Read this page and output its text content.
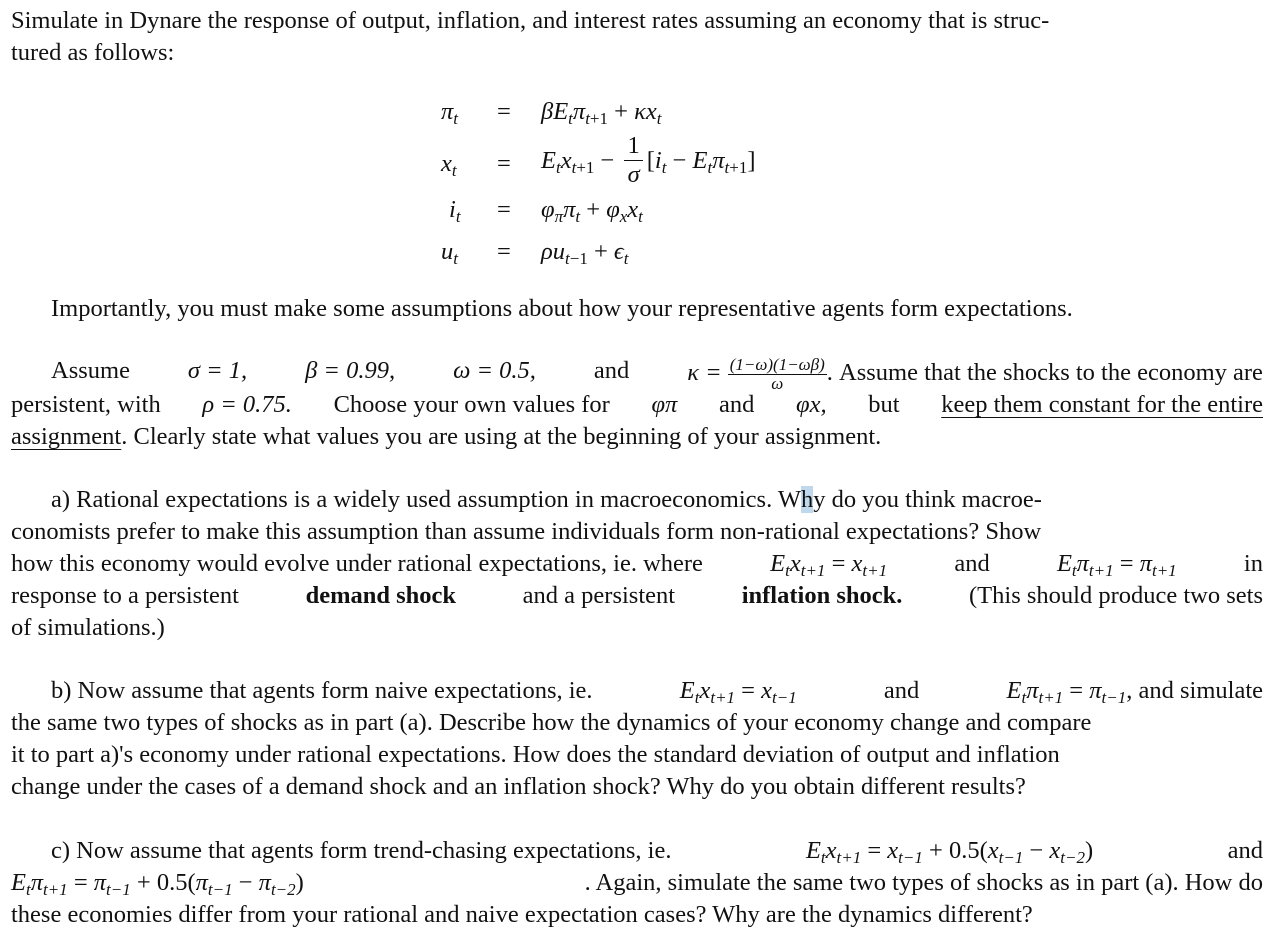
Simulate in Dynare the response of output, inflation, and interest rates assuming an economy that is struc-
tured as follows:
$\pi_t = \beta E_t\pi_{t+1} + \kappa x_t$
$x_t = E_tx_{t+1} - \frac{1}{\sigma} [i_t - E_t\pi_{t+1}]$
$i_t = \varphi_\pi\pi_t + \varphi_xx_t$
$u_t = \rho u_{t-1} + \epsilon_t$
Importantly, you must make some assumptions about how your representative agents form expectations.
Assume σ = 1, β = 0.99, ω = 0.5, and $\kappa = \frac{(1-\omega)(1-\omega\beta)}{\omega}$ . Assume that the shocks to the economy are
persistent, with ρ = 0.75. Choose your own values for φπ and φx, but keep them constant for the entire
assignment. Clearly state what values you are using at the beginning of your assignment.
a) Rational expectations is a widely used assumption in macroeconomics. Why do you think macroe-
conomists prefer to make this assumption than assume individuals form non-rational expectations? Show
how this economy would evolve under rational expectations, ie. where	$E_tx_{t+1} = x_{t+1}$	and	$E_t\pi_{t+1} = \pi_{t+1}$	in
response to a persistent	demand shock	and a persistent	inflation shock.	(This should produce two sets
of simulations.)
b) Now assume that agents form naive expectations, ie.	$E_tx_{t+1} = x_{t-1}$	and	$E_t\pi_{t+1} = \pi_{t-1}$, and simulate
the same two types of shocks as in part (a). Describe how the dynamics of your economy change and compare
it to part a)'s economy under rational expectations. How does the standard deviation of output and inflation
change under the cases of a demand shock and an inflation shock? Why do you obtain different results?
c) Now assume that agents form trend-chasing expectations, ie.	$E_tx_{t+1} = x_{t-1} + 0.5(x_{t-1} - x_{t-2})$	and
$E_t\pi_{t+1} = \pi_{t-1} + 0.5(\pi_{t-1} - \pi_{t-2})$	. Again, simulate the same two types of shocks as in part (a). How do
these economies differ from your rational and naive expectation cases? Why are the dynamics different?
